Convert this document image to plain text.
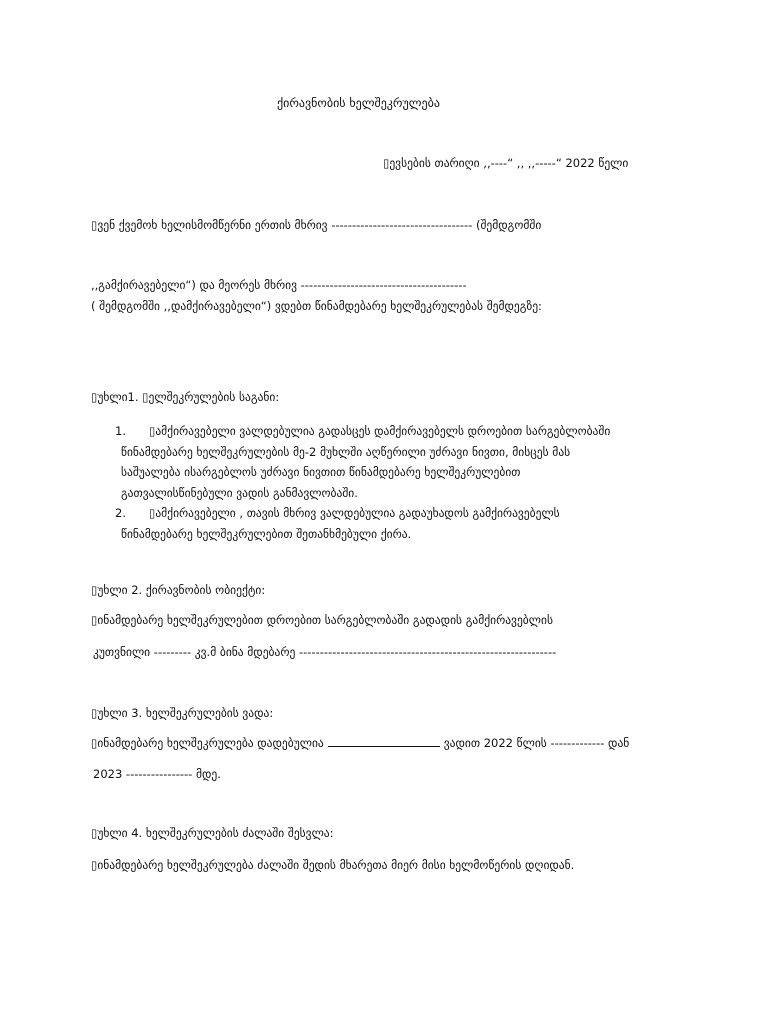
ქირავნობის ხელშეკრულება
▯ევსების თარიღი ,,----“ ,, ,,-----“ 2022 წელი
▯ვენ ქვემოხ ხელისმომწერნი ერთის მხრივ ---------------------------------- (შემდგომში
,,გამქირავებელი“) და მეორეს მხრივ ----------------------------------------
( შემდგომში ,,დამქირავებელი“) ვდებთ წინამდებარე ხელშეკრულებას შემდეგზე:
▯უხლი1. ▯ელშეკრულების საგანი:
1.	▯ამქირავებელი ვალდებულია გადასცეს დამქირავებელს დროებით სარგებლობაში
წინამდებარე ხელშეკრულების მე-2 მუხლში აღწერილი უძრავი ნივთი, მისცეს მას
საშუალება ისარგებლოს უძრავი ნივთით წინამდებარე ხელშეკრულებით
გათვალისწინებული ვადის განმავლობაში.
2.	▯ამქირავებელი , თავის მხრივ ვალდებულია გადაუხადოს გამქირავებელს
წინამდებარე ხელშეკრულებით შეთანხმებული ქირა.
▯უხლი 2. ქირავნობის ობიექტი:
▯ინამდებარე ხელშეკრულებით დროებით სარგებლობაში გადადის გამქირავებლის
კუთვნილი --------- კვ.მ ბინა მდებარე --------------------------------------------------------------
▯უხლი 3. ხელშეკრულების ვადა:
▯ინამდებარე ხელშეკრულება დადებულია	ვადით 2022 წლის ------------- დან
2023 ---------------- მდე.
▯უხლი 4. ხელშეკრულების ძალაში შესვლა:
▯ინამდებარე ხელშეკრულება ძალაში შედის მხარეთა მიერ მისი ხელმოწერის დღიდან.
